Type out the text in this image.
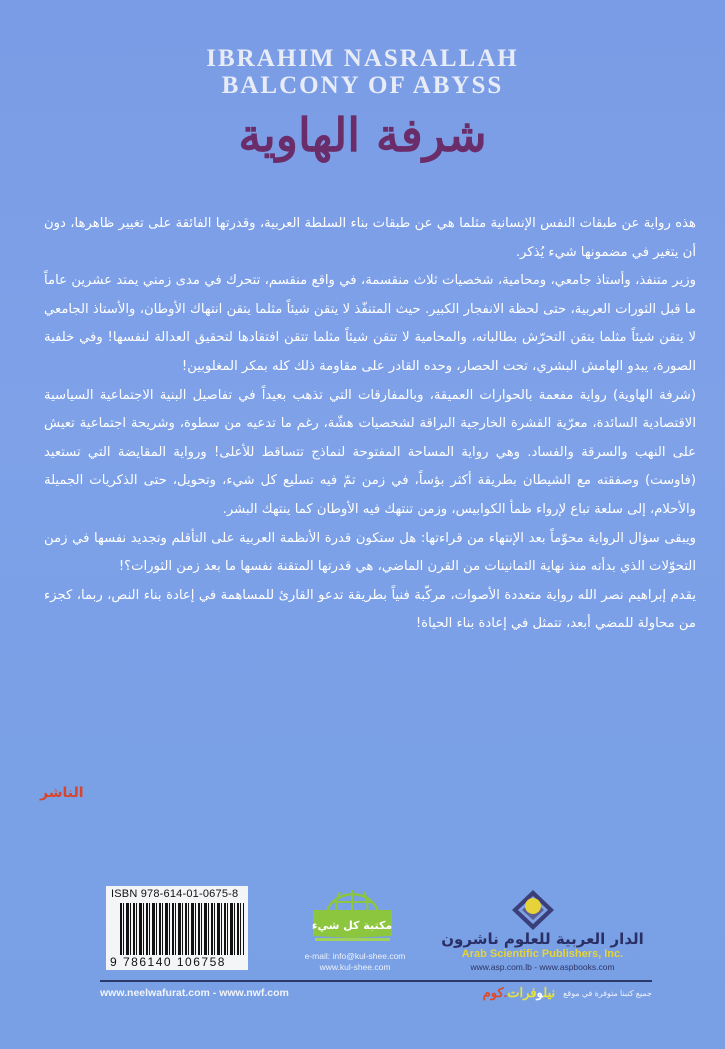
IBRAHIM NASRALLAH

BALCONY OF ABYSS

شرفة الهاوية

هذه رواية عن طبقات النفس الإنسانية مثلما هي عن طبقات بناء السلطة العربية، وقدرتها الفائقة على تغيير ظاهرها، دون أن يتغير في مضمونها شيء يُذكر.

وزير متنفذ، وأستاذ جامعي، ومحامية، شخصيات ثلاث منقسمة، في واقع منقسم، تتحرك في مدى زمني يمتد عشرين عاماً ما قبل الثورات العربية، حتى لحظة الانفجار الكبير. حيث المتنفّذ لا يتقن شيئاً مثلما يتقن انتهاك الأوطان، والأستاذ الجامعي لا يتقن شيئاً مثلما يتقن التحرّش بطالباته، والمحامية لا تتقن شيئاً مثلما تتقن افتقادها لتحقيق العدالة لنفسها! وفي خلفية الصورة، يبدو الهامش البشري، تحت الحصار، وحده القادر على مقاومة ذلك كله بمكر المغلوبين!

(شرفة الهاوية) رواية مفعمة بالحوارات العميقة، وبالمفارقات التي تذهب بعيداً في تفاصيل البنية الاجتماعية السياسية الاقتصادية السائدة، معرّية القشرة الخارجية البراقة لشخصيات هشّة، رغم ما تدعيه من سطوة، وشريحة اجتماعية تعيش على النهب والسرقة والفساد. وهي رواية المساحة المفتوحة لنماذج تتساقط للأعلى! ورواية المقايضة التي تستعيد (فاوست) وصفقته مع الشيطان بطريقة أكثر بؤساً، في زمن تمّ فيه تسليع كل شيء، وتحويل، حتى الذكريات الجميلة والأحلام، إلى سلعة تباع لإرواء ظمأ الكوابيس، وزمن تنتهك فيه الأوطان كما ينتهك البشر.

ويبقى سؤال الرواية محوّماً بعد الإنتهاء من قراءتها: هل ستكون قدرة الأنظمة العربية على التأقلم وتجديد نفسها في زمن التحوّلات الذي بدأته منذ نهاية الثمانينات من القرن الماضي، هي قدرتها المتقنة نفسها ما بعد زمن الثورات؟!

يقدم إبراهيم نصر الله رواية متعددة الأصوات، مركّبة فنياً بطريقة تدعو القارئ للمساهمة في إعادة بناء النص، ربما، كجزء من محاولة للمضي أبعد، تتمثل في إعادة بناء الحياة!

الناشر
ISBN 978-614-01-0675-8
9 786140 106758
مكتبة كل شيء
e-mail: info@kul-shee.com
www.kul-shee.com
الدار العربية للعلوم ناشرون
Arab Scientific Publishers, Inc.
www.asp.com.lb - www.aspbooks.com
www.neelwafurat.com - www.nwf.com	جميع كتبنا متوفرة في موقع
نيلوفرات.كوم
